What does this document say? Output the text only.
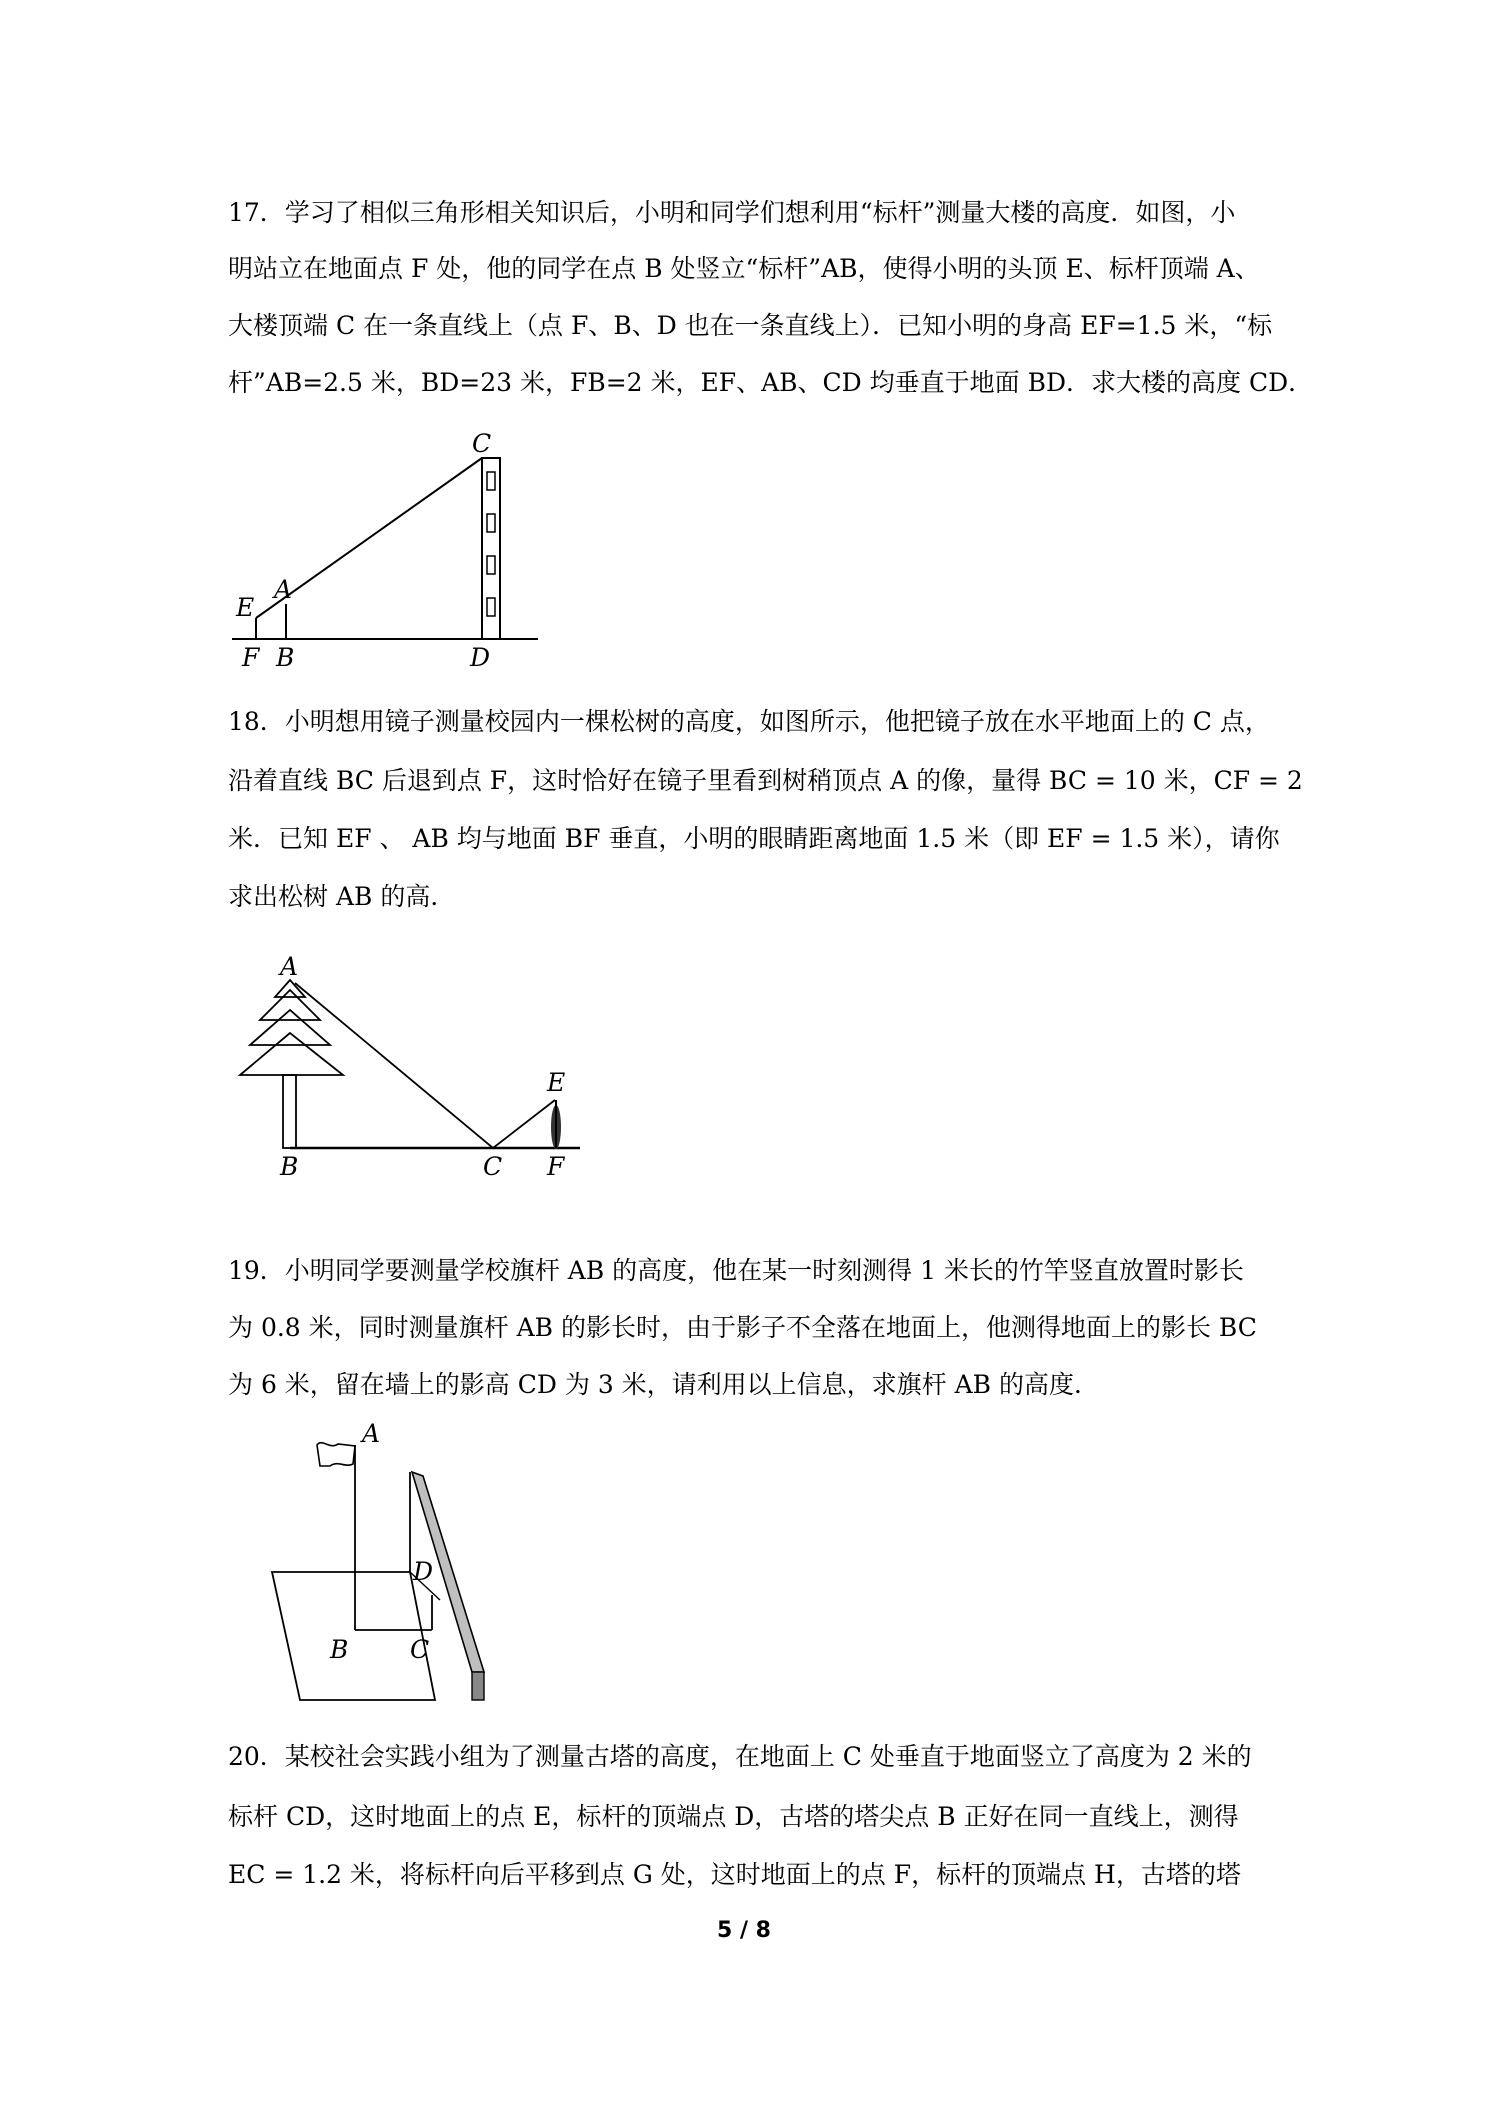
17．学习了相似三角形相关知识后，小明和同学们想利用“标杆”测量大楼的高度．如图，小
明站立在地面点 F 处，他的同学在点 B 处竖立“标杆”AB，使得小明的头顶 E、标杆顶端 A、
大楼顶端 C 在一条直线上（点 F、B、D 也在一条直线上）．已知小明的身高 EF=1.5 米，“标
杆”AB=2.5 米，BD=23 米，FB=2 米，EF、AB、CD 均垂直于地面 BD．求大楼的高度 CD．
C
A
E
F B	D
18．小明想用镜子测量校园内一棵松树的高度，如图所示，他把镜子放在水平地面上的 C 点，
沿着直线 BC 后退到点 F，这时恰好在镜子里看到树稍顶点 A 的像，量得 BC = 10 米，CF = 2
米．已知 EF 、 AB 均与地面 BF 垂直，小明的眼睛距离地面 1.5 米（即 EF = 1.5 米），请你
求出松树 AB 的高．
A
E
B	C F
19．小明同学要测量学校旗杆 AB 的高度，他在某一时刻测得 1 米长的竹竿竖直放置时影长
为 0.8 米，同时测量旗杆 AB 的影长时，由于影子不全落在地面上，他测得地面上的影长 BC
为 6 米，留在墙上的影高 CD 为 3 米，请利用以上信息，求旗杆 AB 的高度．
A
D
B C
20．某校社会实践小组为了测量古塔的高度，在地面上 C 处垂直于地面竖立了高度为 2 米的
标杆 CD，这时地面上的点 E，标杆的顶端点 D，古塔的塔尖点 B 正好在同一直线上，测得
EC = 1.2 米，将标杆向后平移到点 G 处，这时地面上的点 F，标杆的顶端点 H，古塔的塔
5 / 8
